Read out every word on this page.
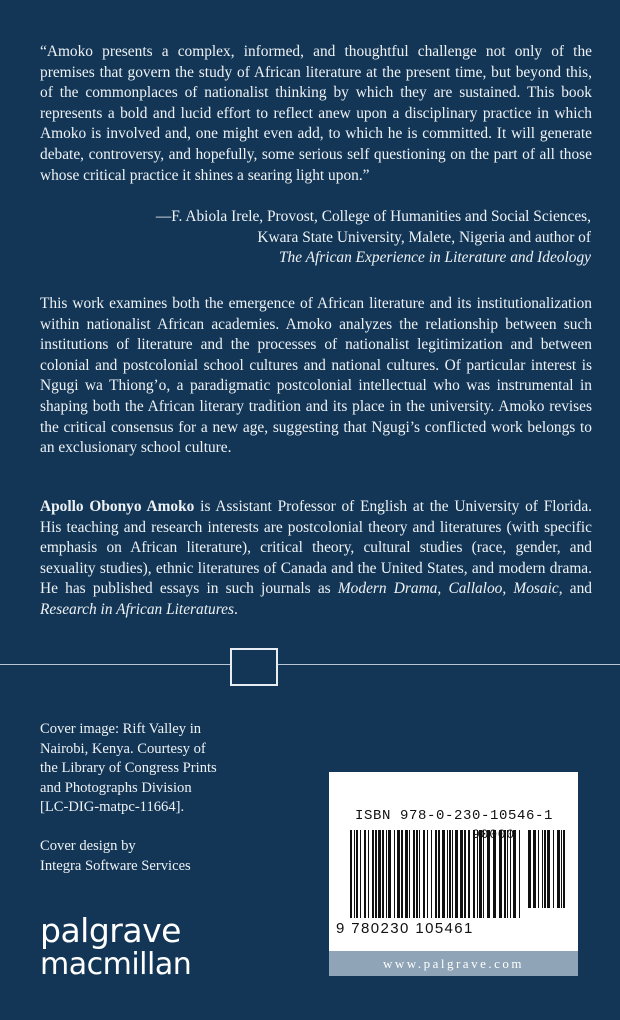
“Amoko presents a complex, informed, and thoughtful challenge not only of the premises that govern the study of African literature at the present time, but beyond this, of the commonplaces of nationalist thinking by which they are sustained. This book represents a bold and lucid effort to reflect anew upon a disciplinary practice in which Amoko is involved and, one might even add, to which he is committed. It will generate debate, controversy, and hopefully, some serious self questioning on the part of all those whose critical practice it shines a searing light upon.”
—F. Abiola Irele, Provost, College of Humanities and Social Sciences,
Kwara State University, Malete, Nigeria and author of
The African Experience in Literature and Ideology
This work examines both the emergence of African literature and its institutionalization within nationalist African academies. Amoko analyzes the relationship between such institutions of literature and the processes of nationalist legitimization and between colonial and postcolonial school cultures and national cultures. Of particular interest is Ngugi wa Thiong’o, a paradigmatic postcolonial intellectual who was instrumental in shaping both the African literary tradition and its place in the university. Amoko revises the critical consensus for a new age, suggesting that Ngugi’s conflicted work belongs to an exclusionary school culture.
Apollo Obonyo Amoko is Assistant Professor of English at the University of Florida. His teaching and research interests are postcolonial theory and literatures (with specific emphasis on African literature), critical theory, cultural studies (race, gender, and sexuality studies), ethnic literatures of Canada and the United States, and modern drama. He has published essays in such journals as Modern Drama, Callaloo, Mosaic, and Research in African Literatures.
Cover image: Rift Valley in
Nairobi, Kenya. Courtesy of
the Library of Congress Prints
and Photographs Division
[LC-DIG-matpc-11664].
Cover design by
Integra Software Services
palgrave
macmillan
ISBN 978-0-230-10546-1
9 780230 105461
www.palgrave.com
